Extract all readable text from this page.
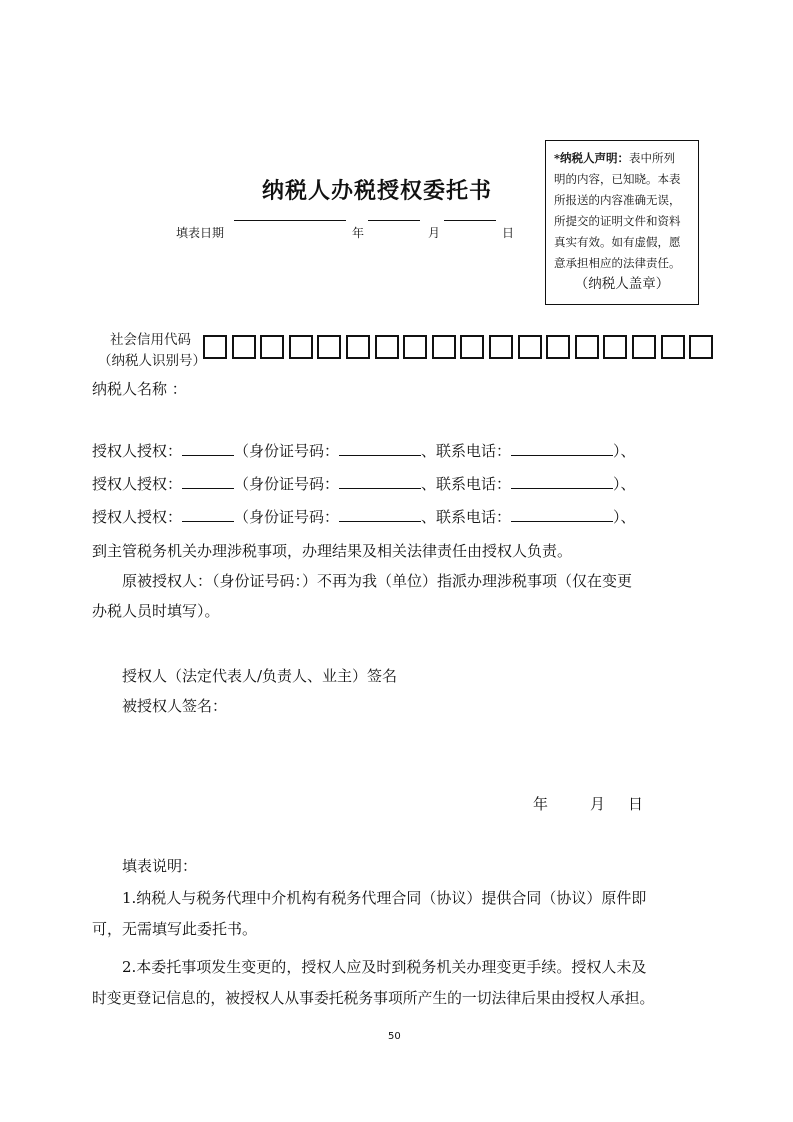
纳税人办税授权委托书
填表日期	年	月	日
*纳税人声明：表中所列
明的内容，已知晓。本表
所报送的内容准确无误，
所提交的证明文件和资料
真实有效。如有虚假，愿
意承担相应的法律责任。
（纳税人盖章）
社会信用代码
（纳税人识别号）
纳税人名称 ：
授权人授权：	（身份证号码：	、联系电话：	）、
授权人授权：	（身份证号码：	、联系电话：	）、
授权人授权：	（身份证号码：	、联系电话：	）、
到主管税务机关办理涉税事项，办理结果及相关法律责任由授权人负责。
原被授权人：（身份证号码：）不再为我（单位）指派办理涉税事项（仅在变更
办税人员时填写）。
授权人（法定代表人/负责人、业主）签名
被授权人签名：
年	月 日
填表说明：
1.纳税人与税务代理中介机构有税务代理合同（协议）提供合同（协议）原件即
可，无需填写此委托书。
2.本委托事项发生变更的，授权人应及时到税务机关办理变更手续。授权人未及
时变更登记信息的，被授权人从事委托税务事项所产生的一切法律后果由授权人承担。
50
